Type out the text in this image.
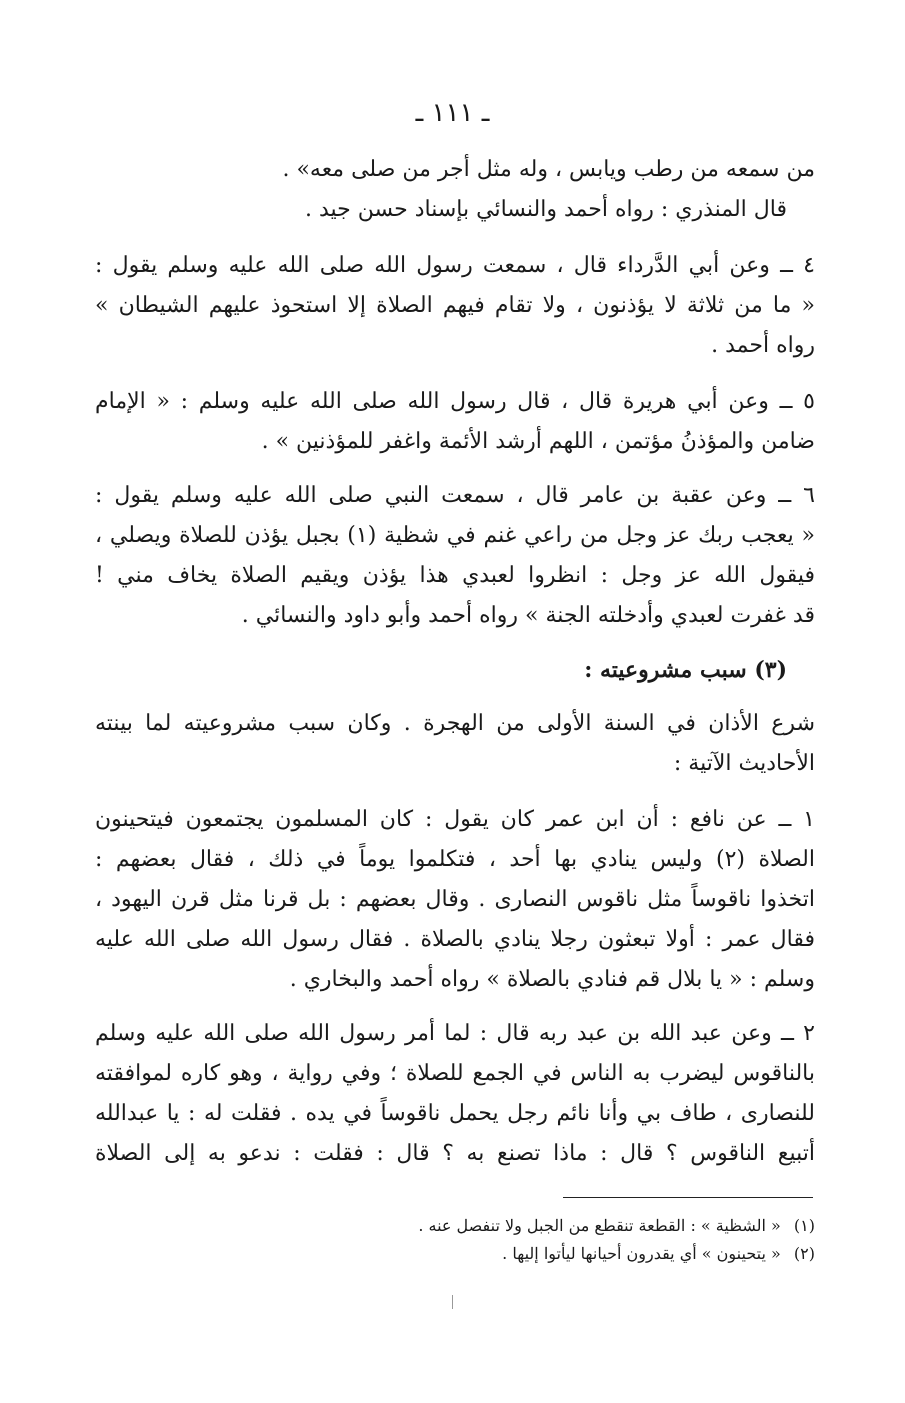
ـ ١١١ ـ

من سمعه من رطب ويابس ، وله مثل أجر من صلى معه» .

قال المنذري : رواه أحمد والنسائي بإسناد حسن جيد .

٤ ــ وعن أبي الدَّرداء قال ، سمعت رسول الله صلى الله عليه وسلم يقول :
« ما من ثلاثة لا يؤذنون ، ولا تقام فيهم الصلاة إلا استحوذ عليهم الشيطان »
رواه أحمد .

٥ ــ وعن أبي هريرة قال ، قال رسول الله صلى الله عليه وسلم : « الإمام
ضامن والمؤذنُ مؤتمن ، اللهم أرشد الأئمة واغفر للمؤذنين » .

٦ ــ وعن عقبة بن عامر قال ، سمعت النبي صلى الله عليه وسلم يقول :
« يعجب ربك عز وجل من راعي غنم في شظية (١) بجبل يؤذن للصلاة ويصلي ،
فيقول الله عز وجل : انظروا لعبدي هذا يؤذن ويقيم الصلاة يخاف مني !
قد غفرت لعبدي وأدخلته الجنة » رواه أحمد وأبو داود والنسائي .

(٣) سبب مشروعيته :

شرع الأذان في السنة الأولى من الهجرة . وكان سبب مشروعيته لما بينته
الأحاديث الآتية :

١ ــ عن نافع : أن ابن عمر كان يقول : كان المسلمون يجتمعون فيتحينون
الصلاة (٢) وليس ينادي بها أحد ، فتكلموا يوماً في ذلك ، فقال بعضهم :
اتخذوا ناقوساً مثل ناقوس النصارى . وقال بعضهم : بل قرنا مثل قرن اليهود ،
فقال عمر : أولا تبعثون رجلا ينادي بالصلاة . فقال رسول الله صلى الله عليه
وسلم : « يا بلال قم فنادي بالصلاة » رواه أحمد والبخاري .

٢ ــ وعن عبد الله بن عبد ربه قال : لما أمر رسول الله صلى الله عليه وسلم
بالناقوس ليضرب به الناس في الجمع للصلاة ؛ وفي رواية ، وهو كاره لموافقته
للنصارى ، طاف بي وأنا نائم رجل يحمل ناقوساً في يده . فقلت له : يا عبدالله
أتبيع الناقوس ؟ قال : ماذا تصنع به ؟ قال : فقلت : ندعو به إلى الصلاة

(١) « الشظية » : القطعة تنقطع من الجبل ولا تنفصل عنه .
(٢) « يتحينون » أي يقدرون أحيانها ليأتوا إليها .
